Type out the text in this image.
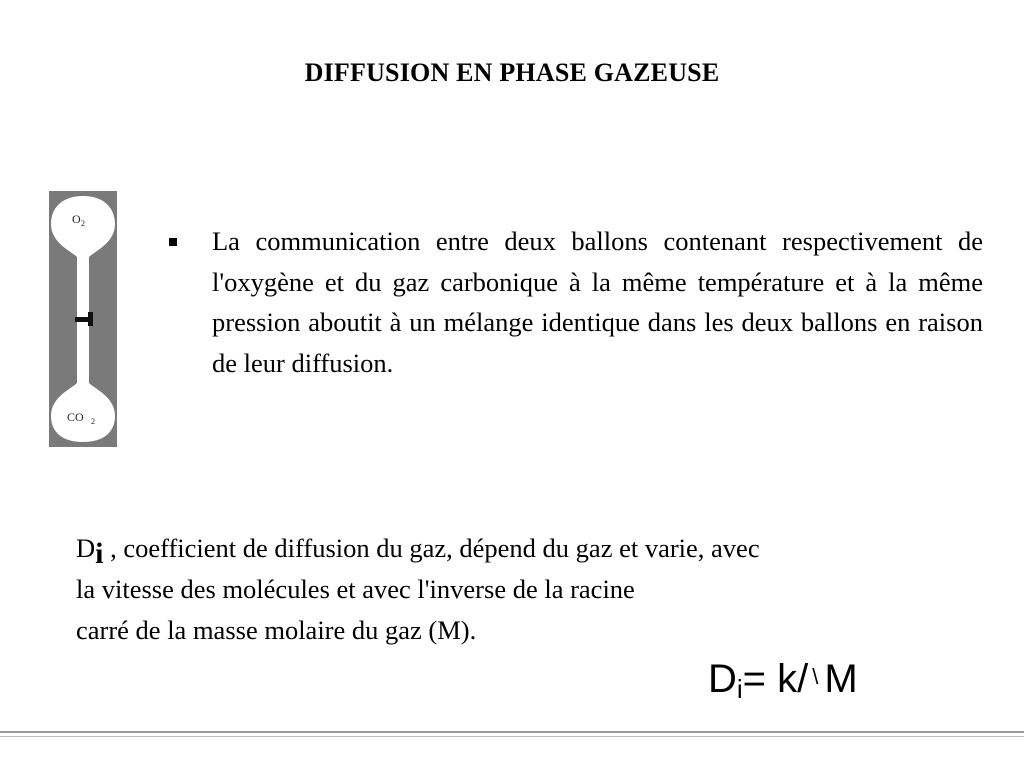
DIFFUSION EN PHASE GAZEUSE
O 2
CO 2
La communication entre deux ballons contenant respectivement de l'oxygène et du gaz carbonique à la même température et à la même pression aboutit à un mélange identique dans les deux ballons en raison de leur diffusion.
Di , coefficient de diffusion du gaz, dépend du gaz et varie, avec
la vitesse des molécules et avec l'inverse de la racine
carré de la masse molaire du gaz (M).
Di= k/ \ M
